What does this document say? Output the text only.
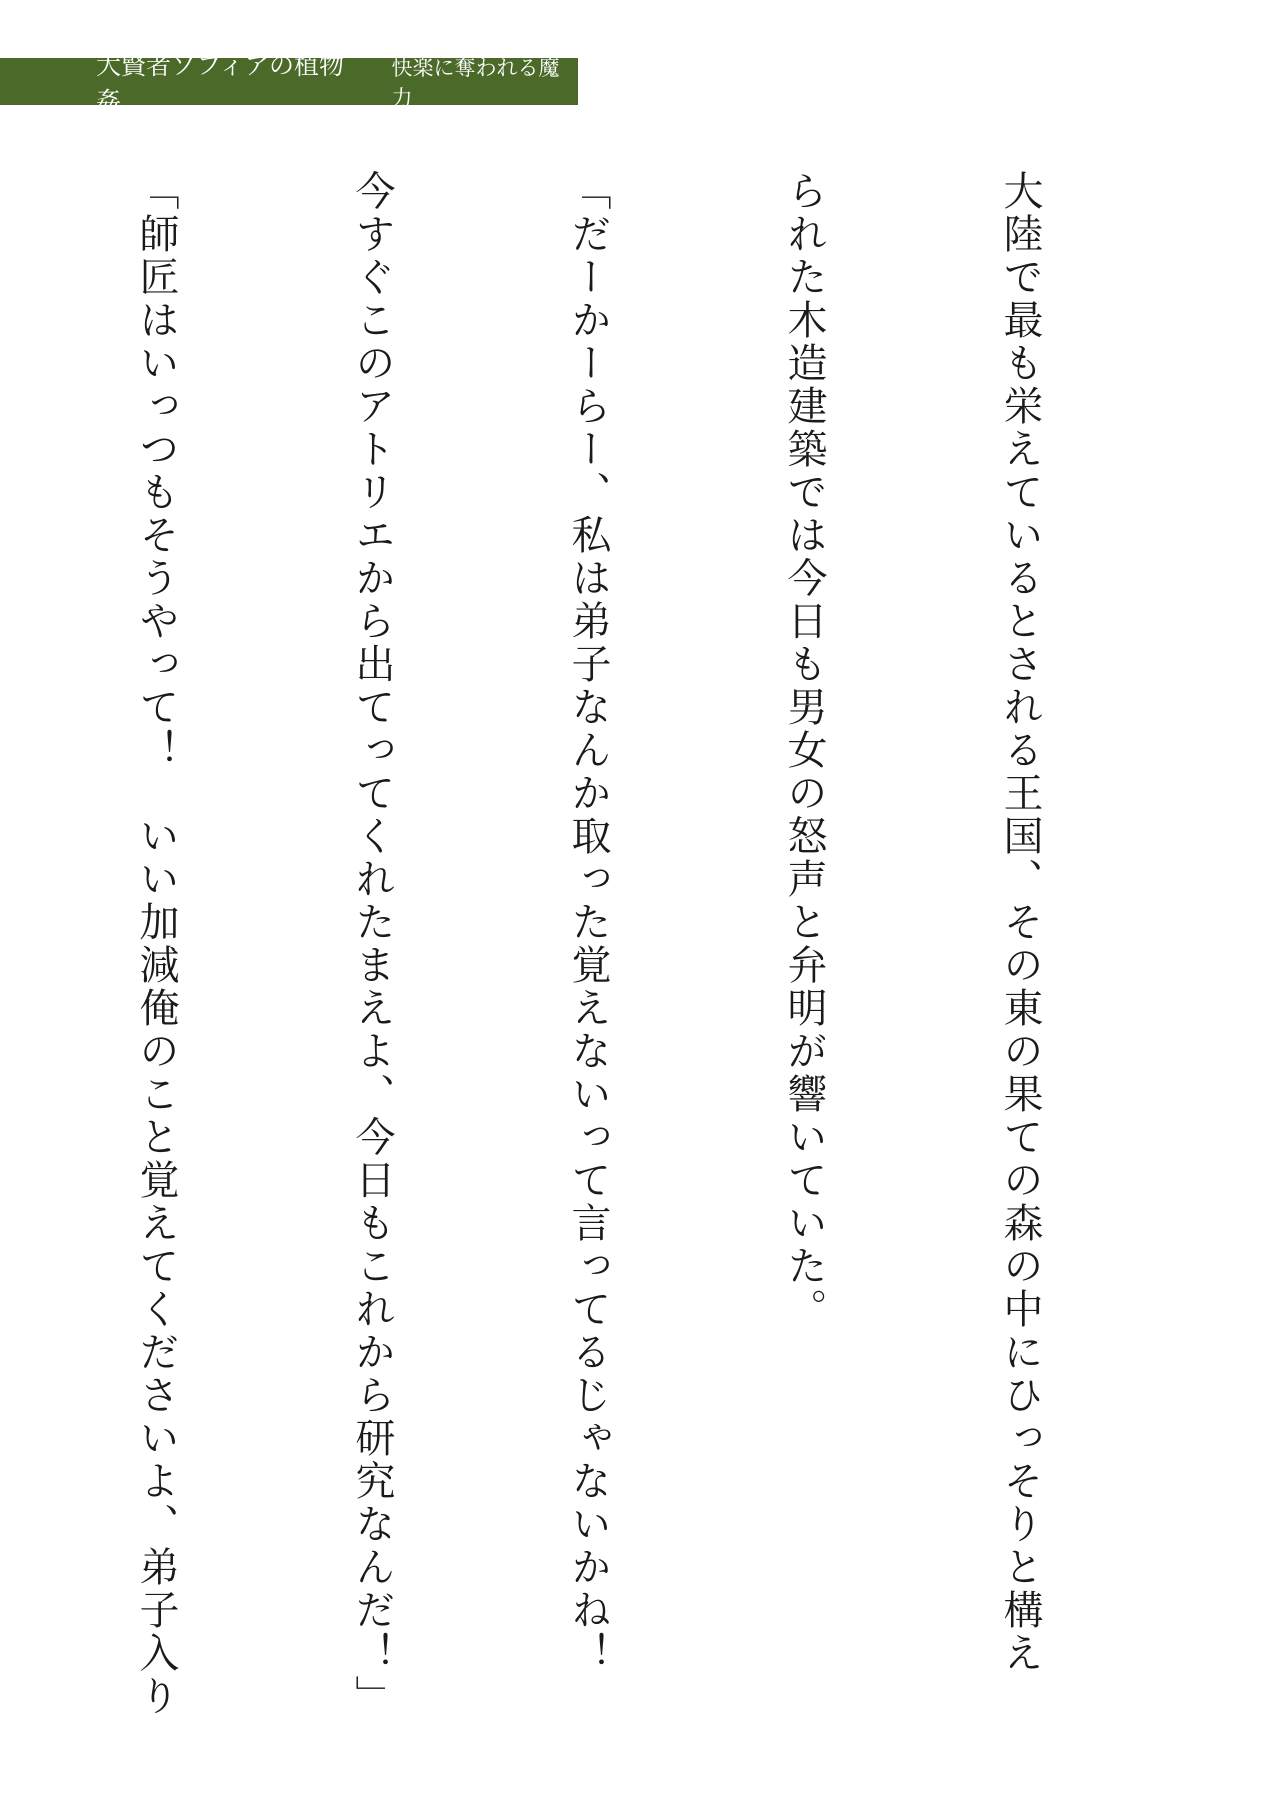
大賢者ソフィアの植物姦
快楽に奪われる魔力

大陸で最も栄えているとされる王国、その東の果ての森の中にひっそりと構え

られた木造建築では今日も男女の怒声と弁明が響いていた。

「だーかーらー、私は弟子なんか取った覚えないって言ってるじゃないかね！

今すぐこのアトリエから出てってくれたまえよ、今日もこれから研究なんだ！」

「師匠はいっつもそうやって！　いい加減俺のこと覚えてくださいよ、弟子入り
